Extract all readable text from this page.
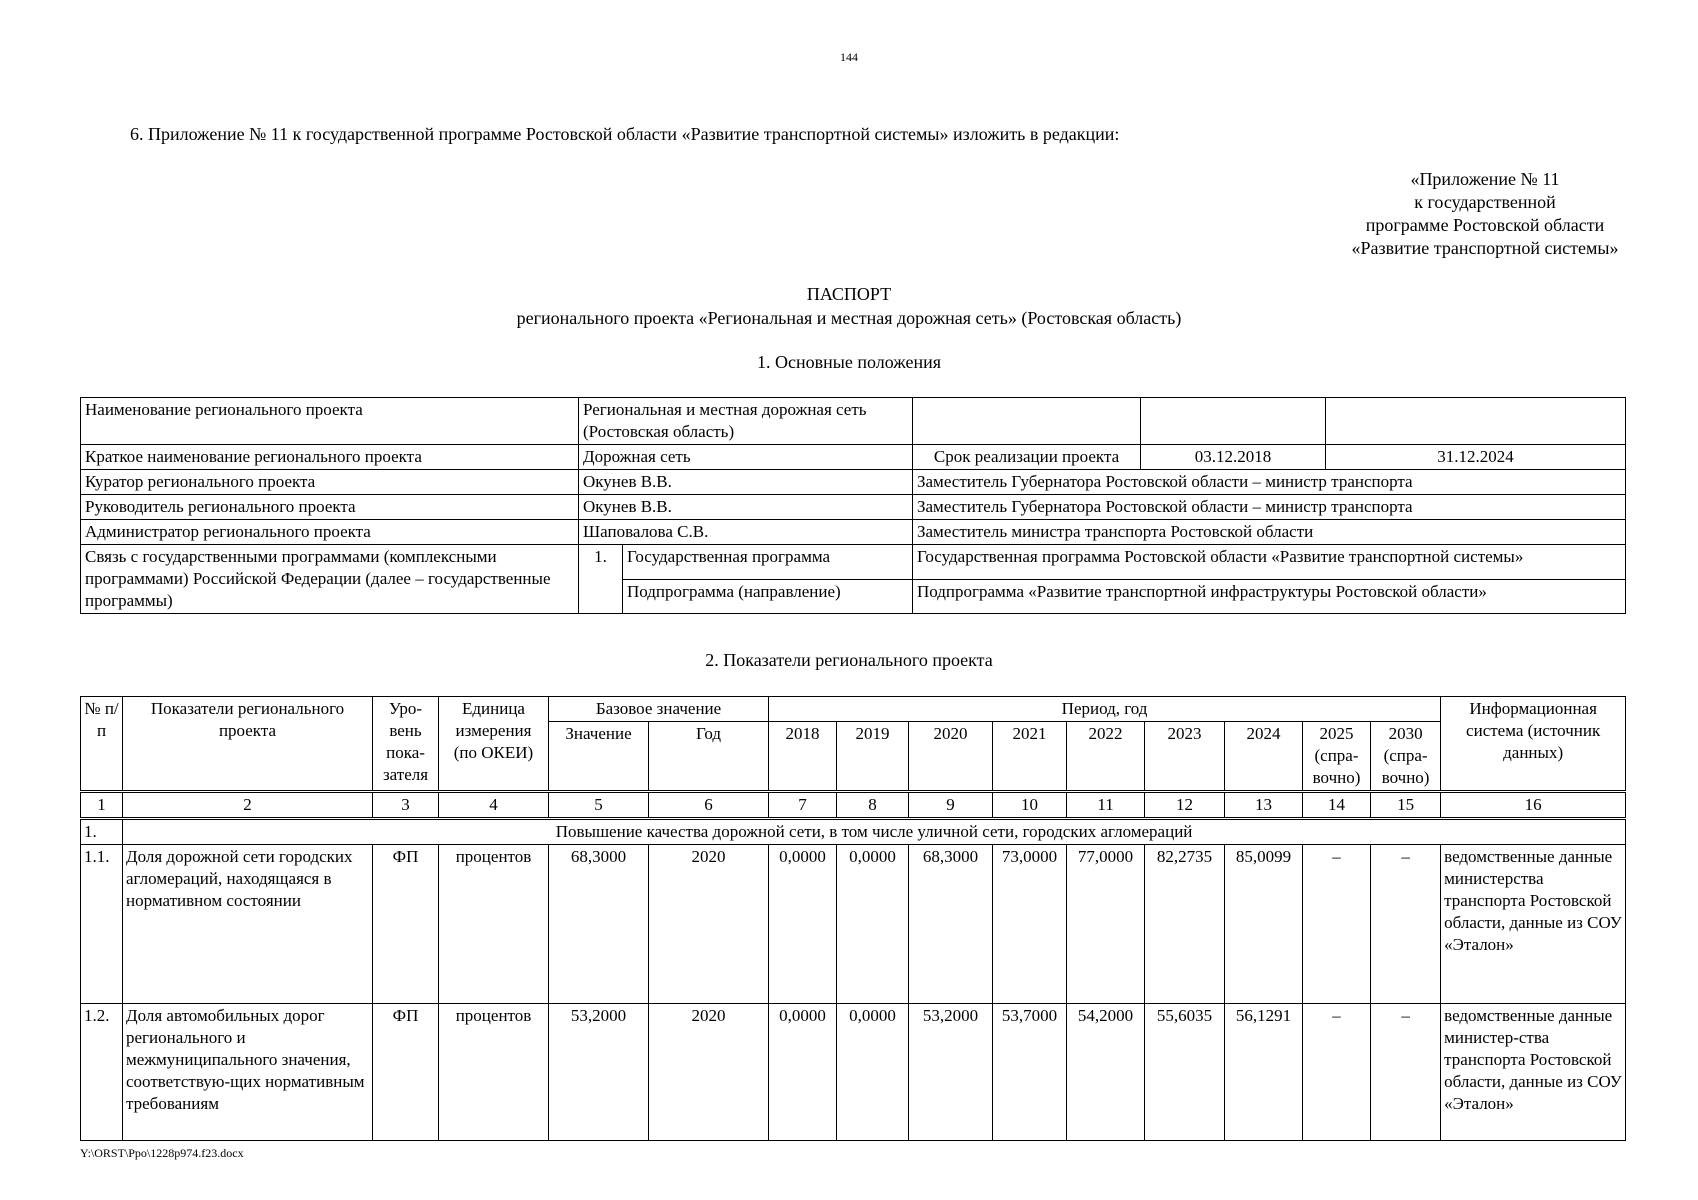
144
6. Приложение № 11 к государственной программе Ростовской области «Развитие транспортной системы» изложить в редакции:
«Приложение № 11
к государственной
программе Ростовской области
«Развитие транспортной системы»
ПАСПОРТ
регионального проекта «Региональная и местная дорожная сеть» (Ростовская область)
1. Основные положения
Наименование регионального проекта	Региональная и местная дорожная сеть (Ростовская область)				
Краткое наименование регионального проекта	Дорожная сеть		Срок реализации проекта	03.12.2018	31.12.2024
Куратор регионального проекта	Окунев В.В.		Заместитель Губернатора Ростовской области – министр транспорта		
Руководитель регионального проекта	Окунев В.В.		Заместитель Губернатора Ростовской области – министр транспорта		
Администратор регионального проекта	Шаповалова С.В.		Заместитель министра транспорта Ростовской области		
Связь с государственными программами (комплексными программами) Российской Федерации (далее – государственные программы)	1.	Государственная программа	Государственная программа Ростовской области «Развитие транспортной системы»		
		Подпрограмма (направление)	Подпрограмма «Развитие транспортной инфраструктуры Ростовской области»		
2. Показатели регионального проекта
№ п/п	Показатели регионального проекта	Уро-вень пока-зателя	Единица измерения (по ОКЕИ)	Базовое значение		Период, год									Информационная система (источник данных)
				Значение	Год	2018	2019	2020	2021	2022	2023	2024	2025 (спра-вочно)	2030 (спра-вочно)	
1	2	3	4	5	6	7	8	9	10	11	12	13	14	15	16
1.	Повышение качества дорожной сети, в том числе уличной сети, городских агломераций														
1.1.	Доля дорожной сети городских агломераций, находящаяся в нормативном состоянии	ФП	процентов	68,3000	2020	0,0000	0,0000	68,3000	73,0000	77,0000	82,2735	85,0099	–	–	ведомственные данные министерства транспорта Ростовской области, данные из СОУ «Эталон»
1.2.	Доля автомобильных дорог регионального и межмуниципального значения, соответствую-щих нормативным требованиям	ФП	процентов	53,2000	2020	0,0000	0,0000	53,2000	53,7000	54,2000	55,6035	56,1291	–	–	ведомственные данные министер-ства транспорта Ростовской области, данные из СОУ «Эталон»
Y:\ORST\Ppo\1228p974.f23.docx
